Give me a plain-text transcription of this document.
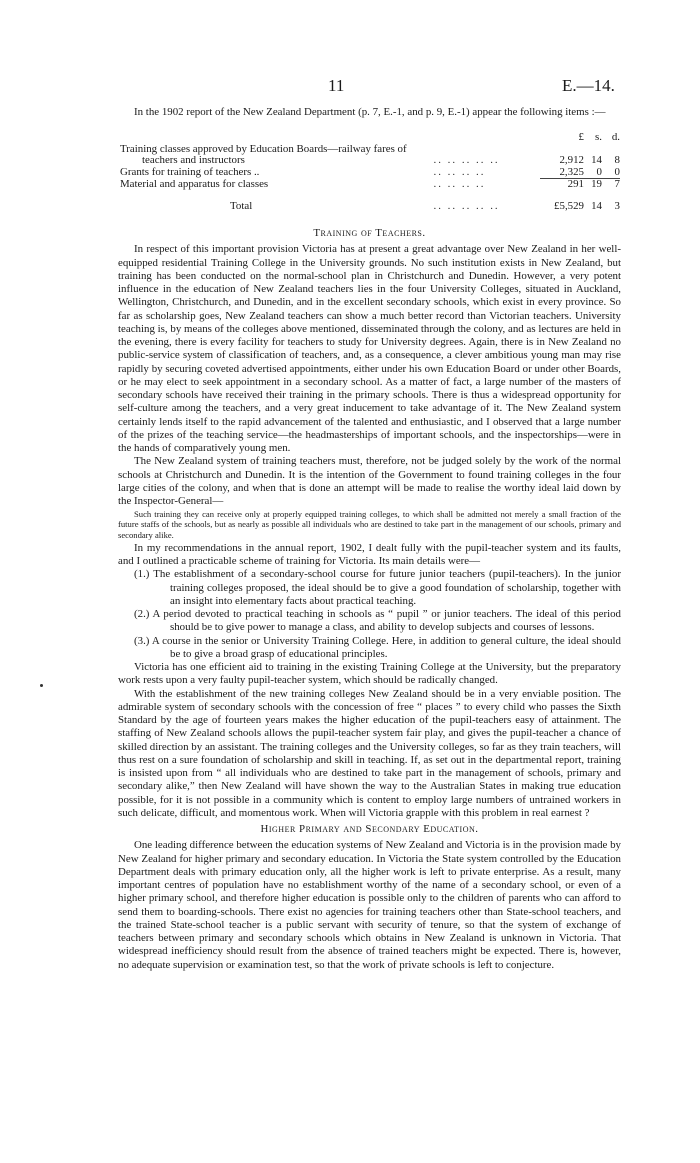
11	E.—14.

In the 1902 report of the New Zealand Department (p. 7, E.-1, and p. 9, E.-1) appear the following items :—

		£ s. d.
Training classes approved by Education Boards—railway fares of		
teachers and instructors	.. .. .. .. ..	2,912 14 8
Grants for training of teachers ..	.. .. .. ..	2,325 0 0
Material and apparatus for classes	.. .. .. ..	291 19 7
Total	.. .. .. .. ..	£5,529 14 3
Training of Teachers.

In respect of this important provision Victoria has at present a great advantage over New Zealand in her well-equipped residential Training College in the University grounds. No such institution exists in New Zealand, but training has been conducted on the normal-school plan in Christchurch and Dunedin. However, a very potent influence in the education of New Zealand teachers lies in the four University Colleges, situated in Auckland, Wellington, Christchurch, and Dunedin, and in the excellent secondary schools, which exist in every province. So far as scholarship goes, New Zealand teachers can show a much better record than Victorian teachers. University teaching is, by means of the colleges above mentioned, disseminated through the colony, and as lectures are held in the evening, there is every facility for teachers to study for University degrees. Again, there is in New Zealand no public-service system of classification of teachers, and, as a consequence, a clever ambitious young man may rise rapidly by securing coveted advertised appointments, either under his own Education Board or under other Boards, or he may elect to seek appointment in a secondary school. As a matter of fact, a large number of the masters of secondary schools have received their training in the primary schools. There is thus a widespread opportunity for self-culture among the teachers, and a very great inducement to take advantage of it. The New Zealand system certainly lends itself to the rapid advancement of the talented and enthusiastic, and I observed that a large number of the prizes of the teaching service—the headmasterships of important schools, and the inspectorships—were in the hands of comparatively young men.

The New Zealand system of training teachers must, therefore, not be judged solely by the work of the normal schools at Christchurch and Dunedin. It is the intention of the Government to found training colleges in the four large cities of the colony, and when that is done an attempt will be made to realise the worthy ideal laid down by the Inspector-General—

Such training they can receive only at properly equipped training colleges, to which shall be admitted not merely a small fraction of the future staffs of the schools, but as nearly as possible all individuals who are destined to take part in the management of our schools, primary and secondary alike.

In my recommendations in the annual report, 1902, I dealt fully with the pupil-teacher system and its faults, and I outlined a practicable scheme of training for Victoria. Its main details were—

(1.) The establishment of a secondary-school course for future junior teachers (pupil-teachers). In the junior training colleges proposed, the ideal should be to give a good foundation of scholarship, together with an insight into elementary facts about practical teaching.

(2.) A period devoted to practical teaching in schools as “ pupil ” or junior teachers. The ideal of this period should be to give power to manage a class, and ability to develop subjects and courses of lessons.

(3.) A course in the senior or University Training College. Here, in addition to general culture, the ideal should be to give a broad grasp of educational principles.

Victoria has one efficient aid to training in the existing Training College at the University, but the preparatory work rests upon a very faulty pupil-teacher system, which should be radically changed.

With the establishment of the new training colleges New Zealand should be in a very enviable position. The admirable system of secondary schools with the concession of free “ places ” to every child who passes the Sixth Standard by the age of fourteen years makes the higher education of the pupil-teachers easy of attainment. The staffing of New Zealand schools allows the pupil-teacher system fair play, and gives the pupil-teacher a chance of skilled direction by an assistant. The training colleges and the University colleges, so far as they train teachers, will thus rest on a sure foundation of scholarship and skill in teaching. If, as set out in the departmental report, training is insisted upon from “ all individuals who are destined to take part in the management of schools, primary and secondary alike,” then New Zealand will have shown the way to the Australian States in making true education possible, for it is not possible in a community which is content to employ large numbers of untrained workers in such delicate, difficult, and momentous work. When will Victoria grapple with this problem in real earnest ?

Higher Primary and Secondary Education.

One leading difference between the education systems of New Zealand and Victoria is in the provision made by New Zealand for higher primary and secondary education. In Victoria the State system controlled by the Education Department deals with primary education only, all the higher work is left to private enterprise. As a result, many important centres of population have no establishment worthy of the name of a secondary school, or even of a higher primary school, and therefore higher education is possible only to the children of parents who can afford to send them to boarding-schools. There exist no agencies for training teachers other than State-school teachers, and the trained State-school teacher is a public servant with security of tenure, so that the system of exchange of teachers between primary and secondary schools which obtains in New Zealand is unknown in Victoria. That widespread inefficiency should result from the absence of trained teachers might be expected. There is, however, no adequate supervision or examination test, so that the work of private schools is left to conjecture.
